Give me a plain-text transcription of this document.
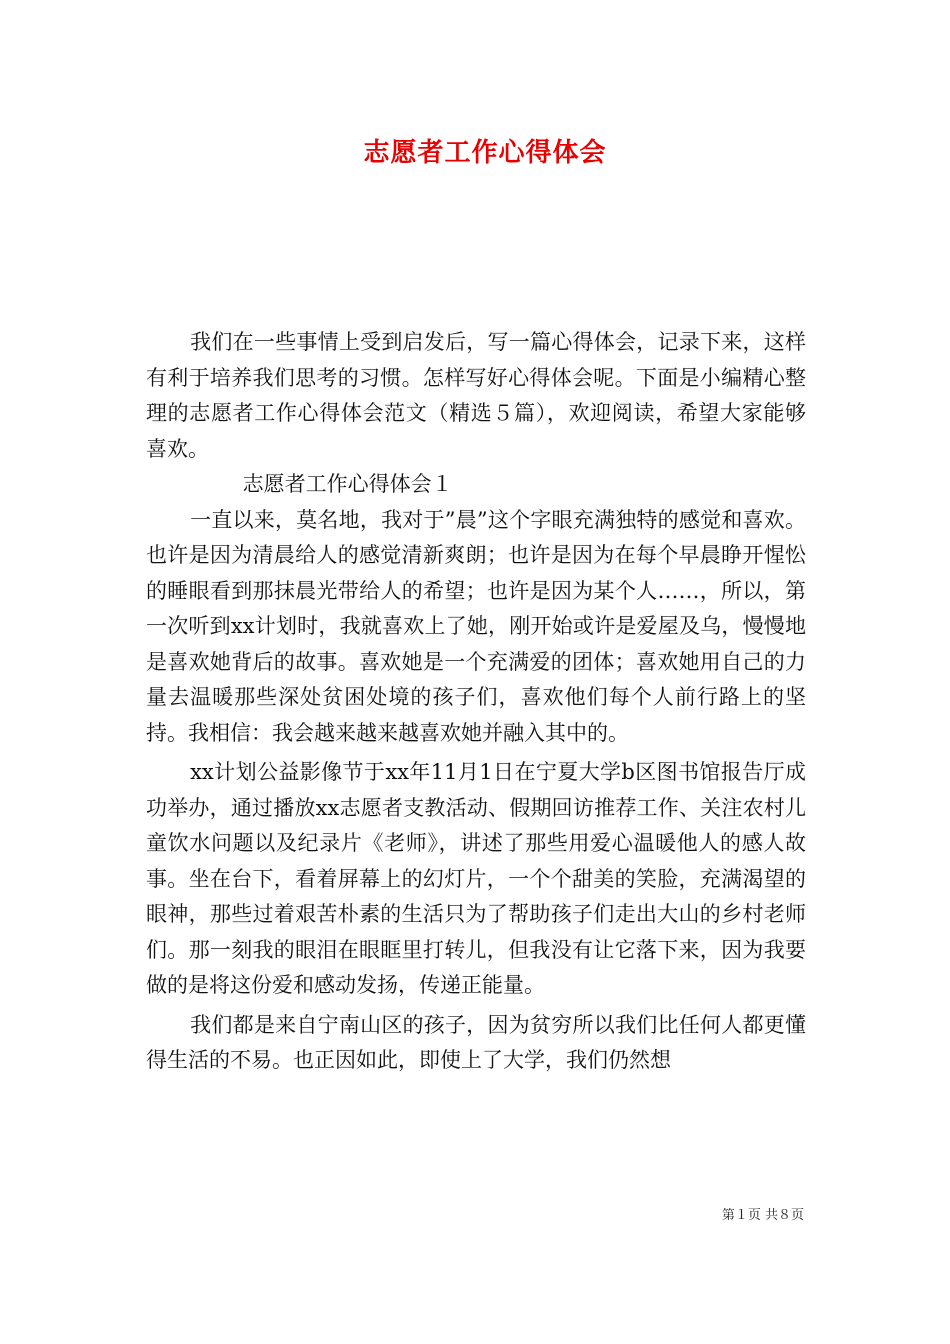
志愿者工作心得体会

我们在一些事情上受到启发后，写一篇心得体会，记录下来，这样有利于培养我们思考的习惯。怎样写好心得体会呢。下面是小编精心整理的志愿者工作心得体会范文（精选５篇），欢迎阅读，希望大家能够喜欢。

志愿者工作心得体会１

一直以来，莫名地，我对于”晨”这个字眼充满独特的感觉和喜欢。也许是因为清晨给人的感觉清新爽朗；也许是因为在每个早晨睁开惺忪的睡眼看到那抹晨光带给人的希望；也许是因为某个人……，所以，第一次听到xx计划时，我就喜欢上了她，刚开始或许是爱屋及乌，慢慢地是喜欢她背后的故事。喜欢她是一个充满爱的团体；喜欢她用自己的力量去温暖那些深处贫困处境的孩子们，喜欢他们每个人前行路上的坚持。我相信：我会越来越来越喜欢她并融入其中的。

xx计划公益影像节于xx年11月1日在宁夏大学b区图书馆报告厅成功举办，通过播放xx志愿者支教活动、假期回访推荐工作、关注农村儿童饮水问题以及纪录片《老师》，讲述了那些用爱心温暖他人的感人故事。坐在台下，看着屏幕上的幻灯片，一个个甜美的笑脸，充满渴望的眼神，那些过着艰苦朴素的生活只为了帮助孩子们走出大山的乡村老师们。那一刻我的眼泪在眼眶里打转儿，但我没有让它落下来，因为我要做的是将这份爱和感动发扬，传递正能量。

我们都是来自宁南山区的孩子，因为贫穷所以我们比任何人都更懂得生活的不易。也正因如此，即使上了大学，我们仍然想

第１页 共８页
